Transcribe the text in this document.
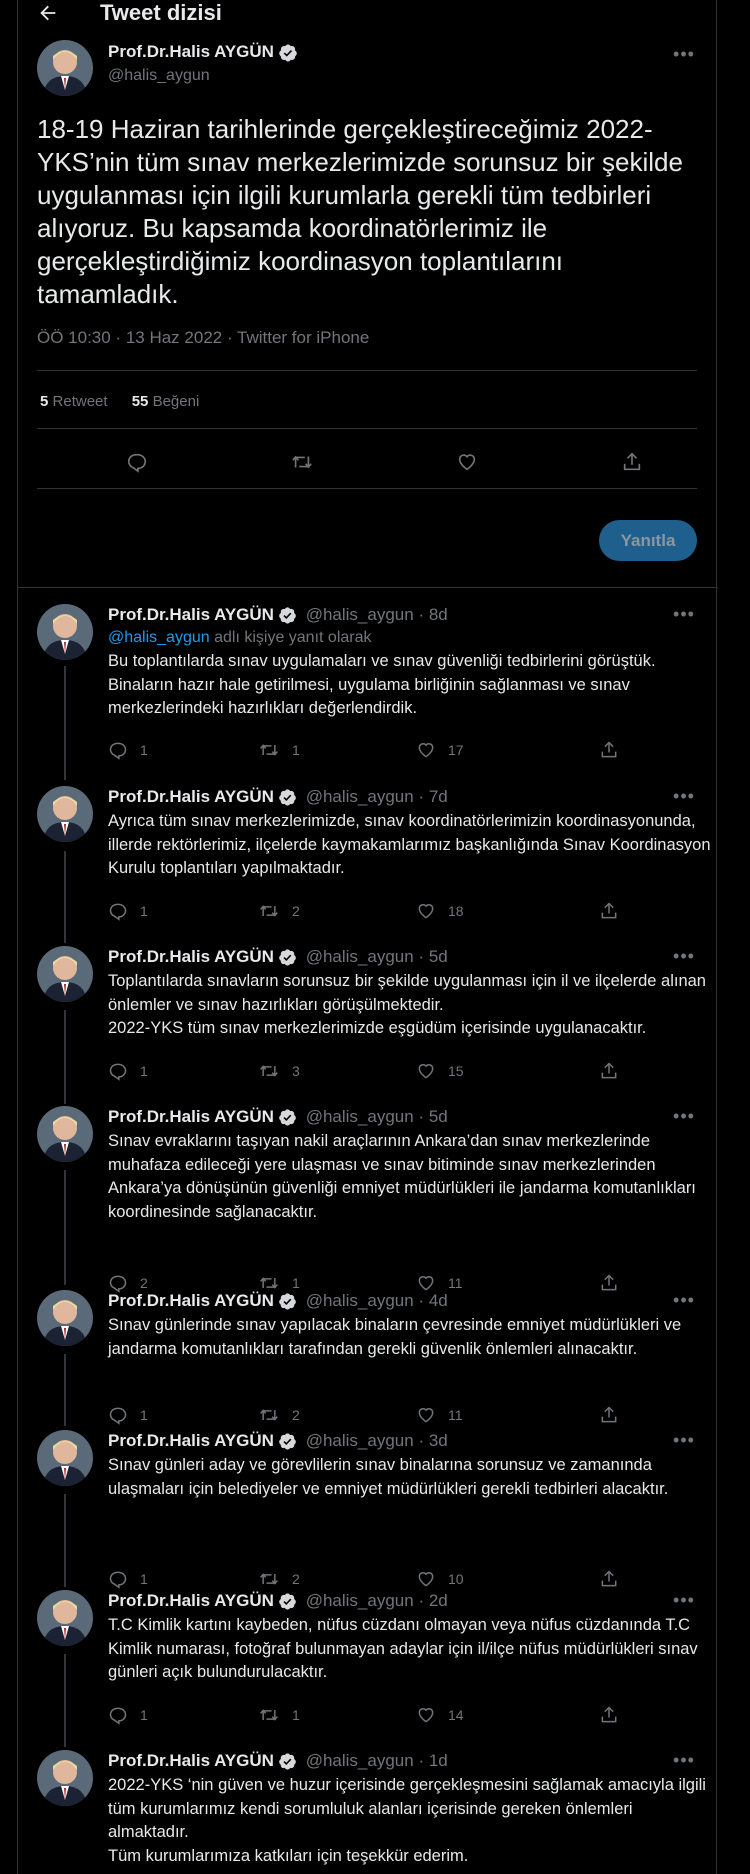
Tweet dizisi
Prof.Dr.Halis AYGÜN
@halis_aygun
•••
18-19 Haziran tarihlerinde gerçekleştireceğimiz 2022-YKS’nin tüm sınav merkezlerimizde sorunsuz bir şekilde uygulanması için ilgili kurumlarla gerekli tüm tedbirleri alıyoruz. Bu kapsamda koordinatörlerimiz ile gerçekleştirdiğimiz koordinasyon toplantılarını tamamladık.
ÖÖ 10:30 · 13 Haz 2022 · Twitter for iPhone
5 Retweet 55 Beğeni
Yanıtla
Prof.Dr.Halis AYGÜN @halis_aygun · 8d	•••
Bu toplantılarda sınav uygulamaları ve sınav güvenliği tedbirlerini görüştük. Binaların hazır hale getirilmesi, uygulama birliğinin sağlanması ve sınav merkezlerindeki hazırlıkları değerlendirdik.
1	1	17
@halis_aygun adlı kişiye yanıt olarak
Prof.Dr.Halis AYGÜN @halis_aygun · 7d	•••
Ayrıca tüm sınav merkezlerimizde, sınav koordinatörlerimizin koordinasyonunda, illerde rektörlerimiz, ilçelerde kaymakamlarımız başkanlığında Sınav Koordinasyon Kurulu toplantıları yapılmaktadır.
1	2	18
Prof.Dr.Halis AYGÜN @halis_aygun · 5d	•••
Toplantılarda sınavların sorunsuz bir şekilde uygulanması için il ve ilçelerde alınan önlemler ve sınav hazırlıkları görüşülmektedir.
2022-YKS tüm sınav merkezlerimizde eşgüdüm içerisinde uygulanacaktır.
1	3	15
Prof.Dr.Halis AYGÜN @halis_aygun · 5d	•••
Sınav evraklarını taşıyan nakil araçlarının Ankara’dan sınav merkezlerinde muhafaza edileceği yere ulaşması ve sınav bitiminde sınav merkezlerinden Ankara’ya dönüşünün güvenliği emniyet müdürlükleri ile jandarma komutanlıkları koordinesinde sağlanacaktır.
2	1	11
Prof.Dr.Halis AYGÜN @halis_aygun · 4d	•••
Sınav günlerinde sınav yapılacak binaların çevresinde emniyet müdürlükleri ve jandarma komutanlıkları tarafından gerekli güvenlik önlemleri alınacaktır.
1	2	11
Prof.Dr.Halis AYGÜN @halis_aygun · 3d	•••
Sınav günleri aday ve görevlilerin sınav binalarına sorunsuz ve zamanında ulaşmaları için belediyeler ve emniyet müdürlükleri gerekli tedbirleri alacaktır.
1	2	10
Prof.Dr.Halis AYGÜN @halis_aygun · 2d	•••
T.C Kimlik kartını kaybeden, nüfus cüzdanı olmayan veya nüfus cüzdanında T.C Kimlik numarası, fotoğraf bulunmayan adaylar için il/ilçe nüfus müdürlükleri sınav günleri açık bulundurulacaktır.
1	1	14
Prof.Dr.Halis AYGÜN @halis_aygun · 1d	•••
2022-YKS ‘nin güven ve huzur içerisinde gerçekleşmesini sağlamak amacıyla ilgili tüm kurumlarımız kendi sorumluluk alanları içerisinde gereken önlemleri almaktadır.
Tüm kurumlarımıza katkıları için teşekkür ederim.
